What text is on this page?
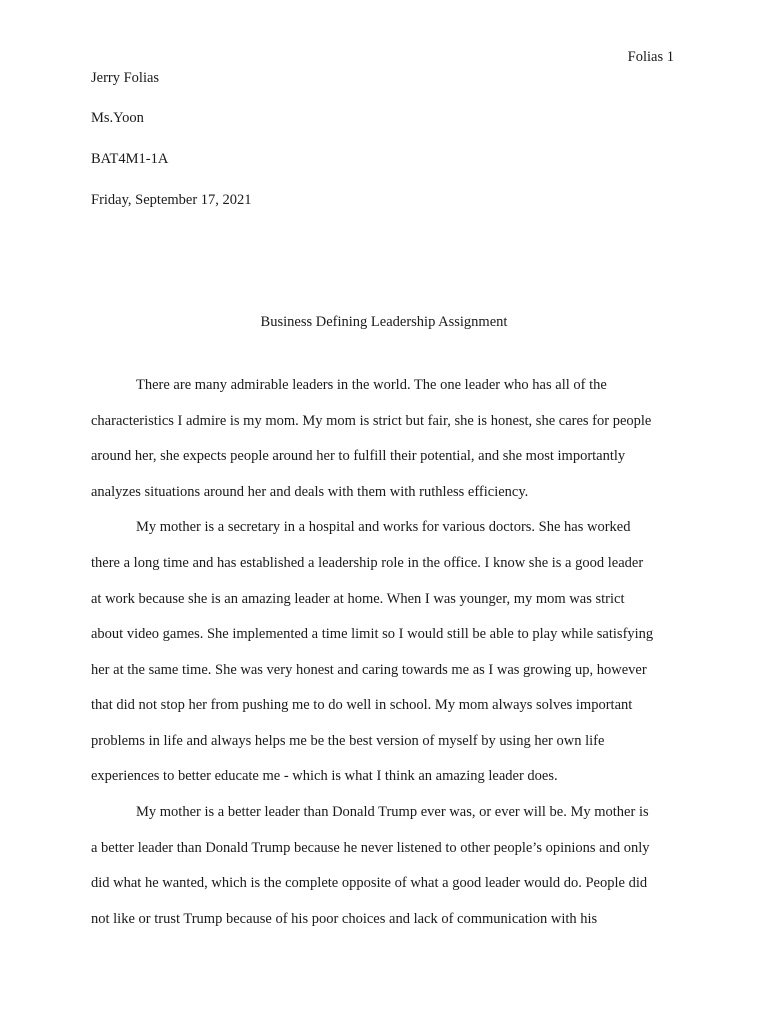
Folias 1
Jerry Folias
Ms.Yoon
BAT4M1-1A
Friday, September 17, 2021
Business Defining Leadership Assignment
There are many admirable leaders in the world. The one leader who has all of the
characteristics I admire is my mom. My mom is strict but fair, she is honest, she cares for people
around her, she expects people around her to fulfill their potential, and she most importantly
analyzes situations around her and deals with them with ruthless efficiency.
My mother is a secretary in a hospital and works for various doctors. She has worked
there a long time and has established a leadership role in the office. I know she is a good leader
at work because she is an amazing leader at home. When I was younger, my mom was strict
about video games. She implemented a time limit so I would still be able to play while satisfying
her at the same time. She was very honest and caring towards me as I was growing up, however
that did not stop her from pushing me to do well in school. My mom always solves important
problems in life and always helps me be the best version of myself by using her own life
experiences to better educate me - which is what I think an amazing leader does.
My mother is a better leader than Donald Trump ever was, or ever will be. My mother is
a better leader than Donald Trump because he never listened to other people’s opinions and only
did what he wanted, which is the complete opposite of what a good leader would do. People did
not like or trust Trump because of his poor choices and lack of communication with his
